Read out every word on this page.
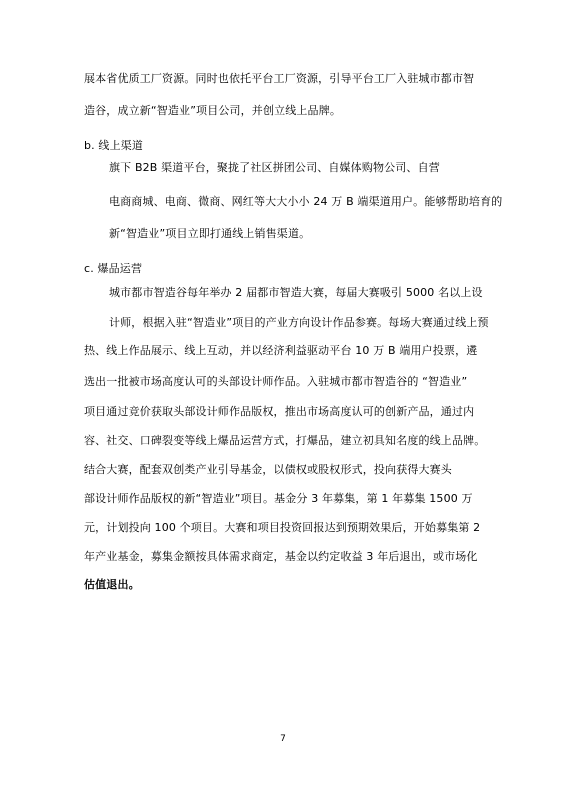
展本省优质工厂资源。同时也依托平台工厂资源，引导平台工厂入驻城市都市智
造谷，成立新“智造业”项目公司，并创立线上品牌。
b. 线上渠道
旗下 B2B 渠道平台，聚拢了社区拼团公司、自媒体购物公司、自营
电商商城、电商、微商、网红等大大小小 24 万 B 端渠道用户。能够帮助培育的
新“智造业”项目立即打通线上销售渠道。
c. 爆品运营
城市都市智造谷每年举办 2 届都市智造大赛，每届大赛吸引 5000 名以上设
计师，根据入驻“智造业”项目的产业方向设计作品参赛。每场大赛通过线上预
热、线上作品展示、线上互动，并以经济利益驱动平台 10 万 B 端用户投票，遴
选出一批被市场高度认可的头部设计师作品。入驻城市都市智造谷的 “智造业”
项目通过竞价获取头部设计师作品版权，推出市场高度认可的创新产品，通过内
容、社交、口碑裂变等线上爆品运营方式，打爆品，建立初具知名度的线上品牌。
结合大赛，配套双创类产业引导基金，以债权或股权形式，投向获得大赛头
部设计师作品版权的新“智造业”项目。基金分 3 年募集，第 1 年募集 1500 万
元，计划投向 100 个项目。大赛和项目投资回报达到预期效果后，开始募集第 2
年产业基金，募集金额按具体需求商定，基金以约定收益 3 年后退出，或市场化
估值退出。
7
